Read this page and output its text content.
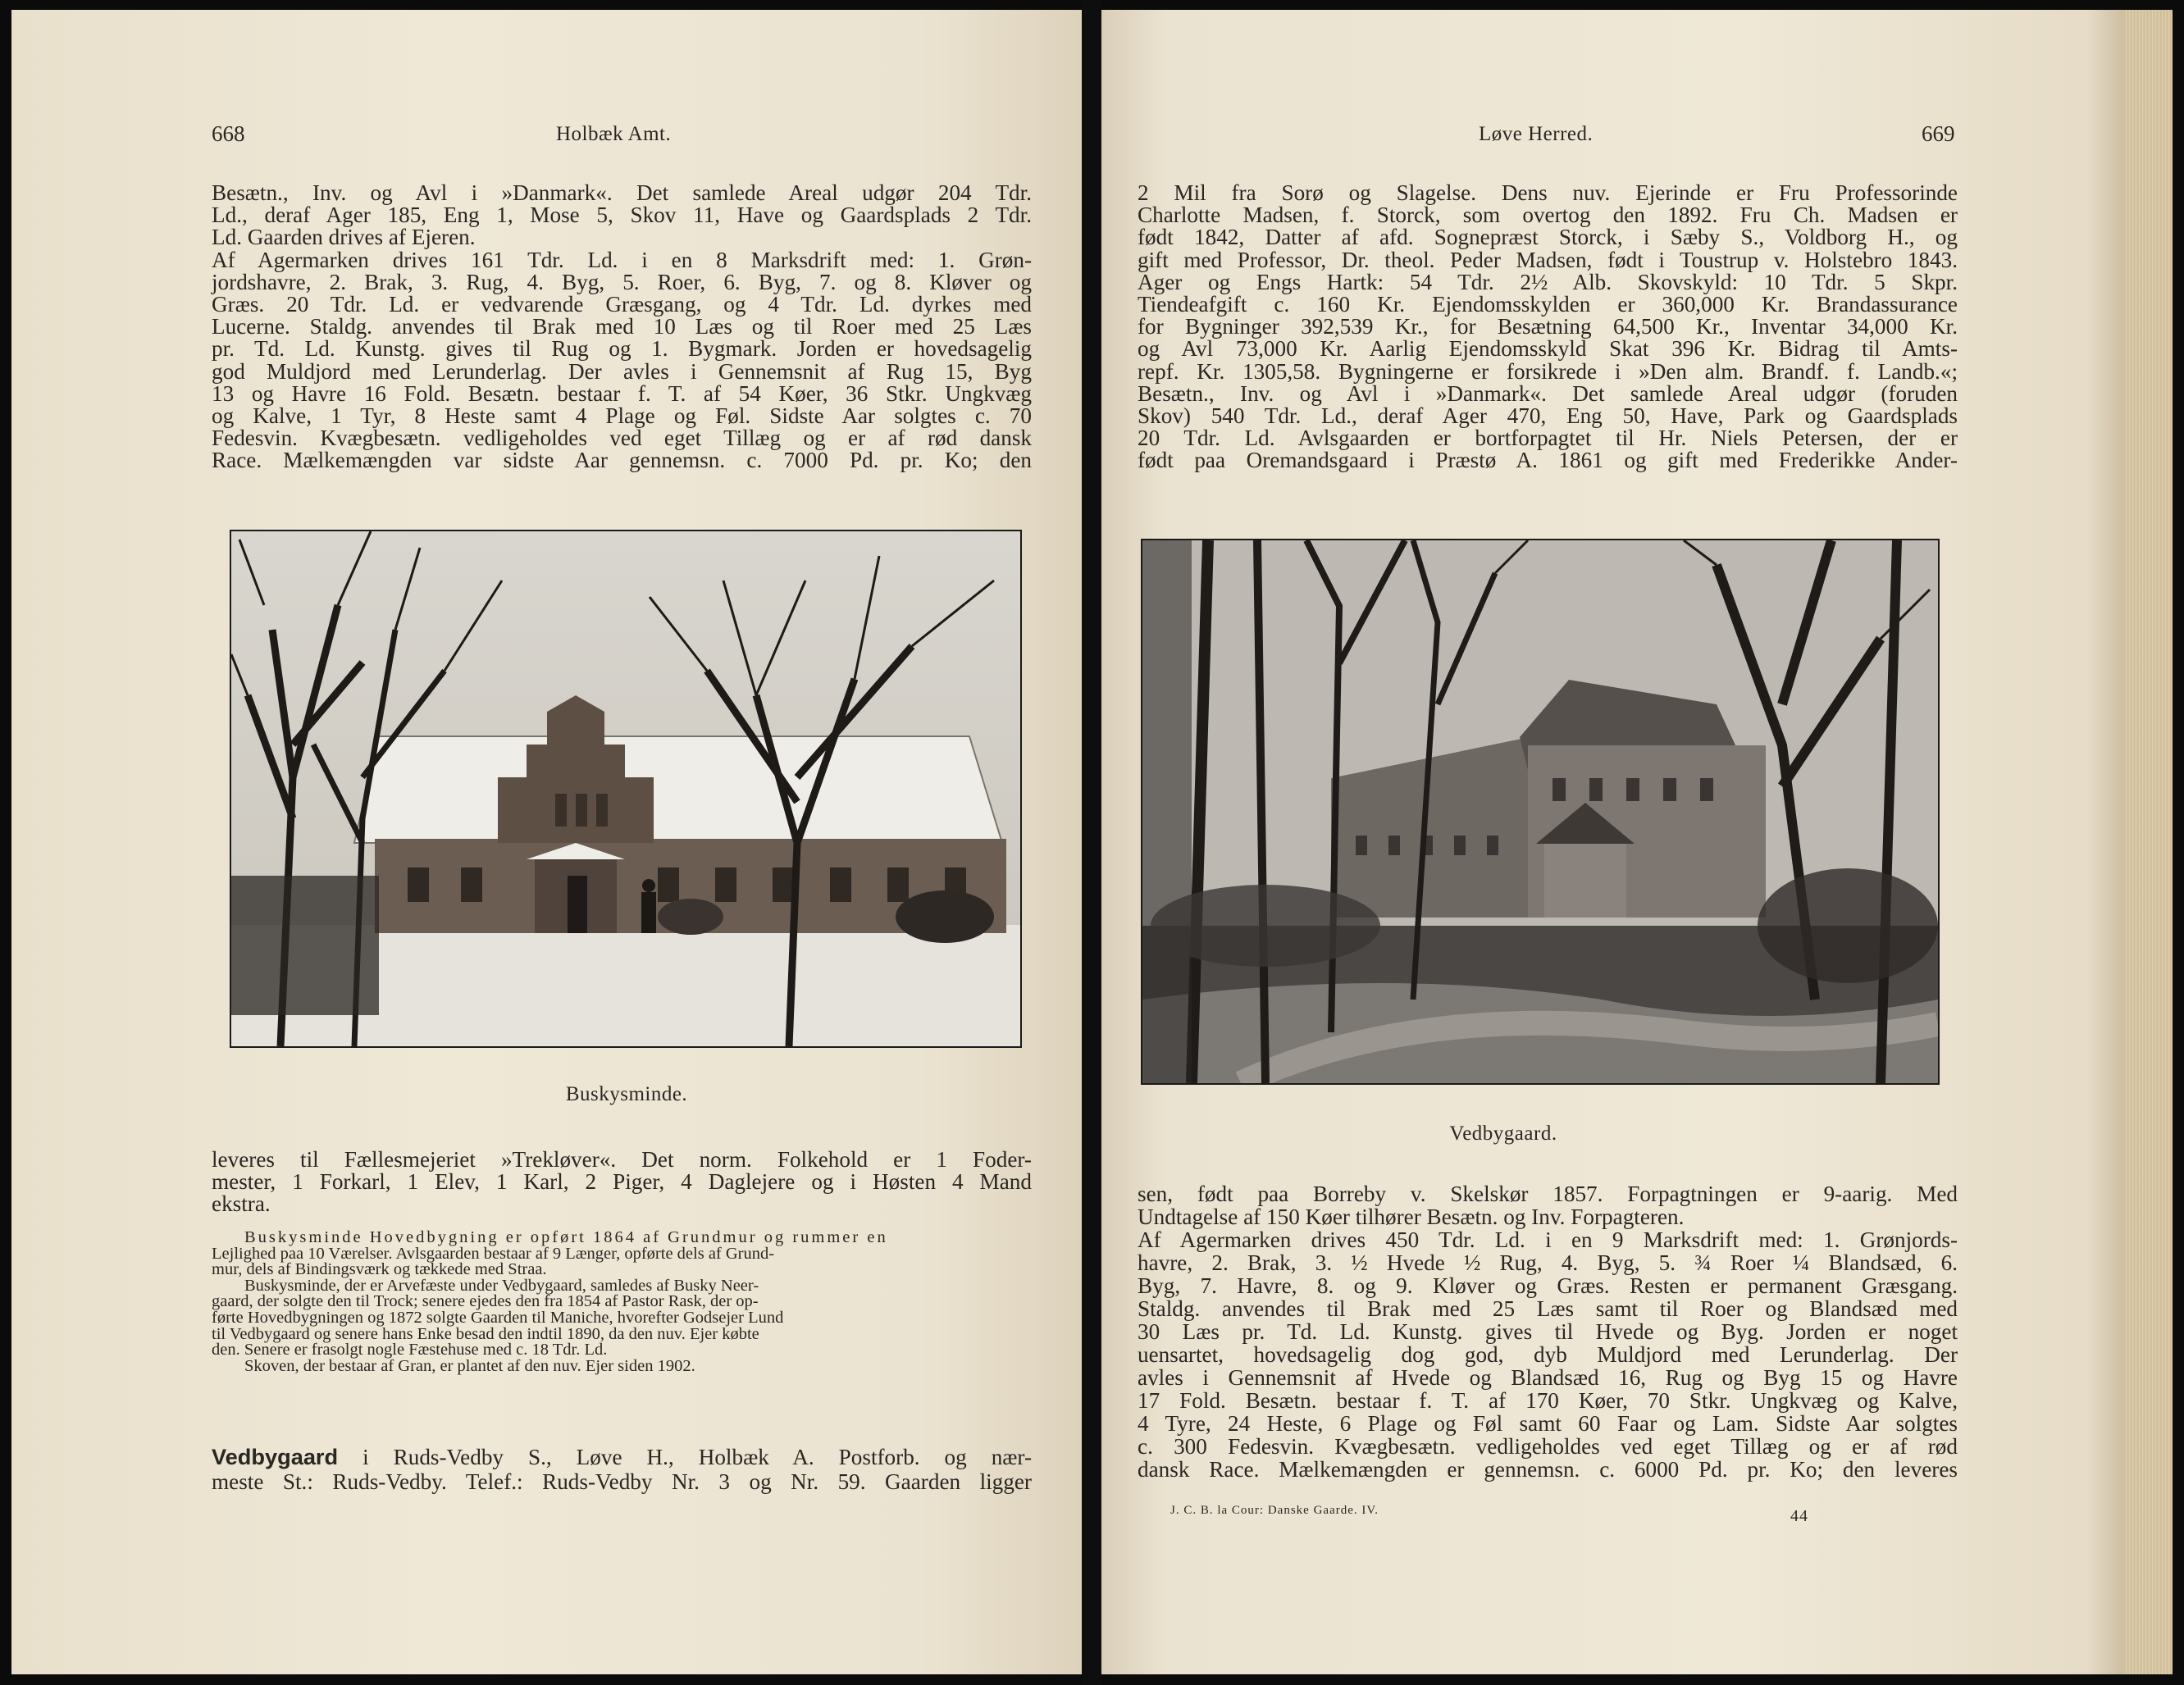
668	Holbæk Amt.

Besætn., Inv. og Avl i »Danmark«. Det samlede Areal udgør 204 Tdr.

Ld., deraf Ager 185, Eng 1, Mose 5, Skov 11, Have og Gaardsplads 2 Tdr.

Ld. Gaarden drives af Ejeren.

Af Agermarken drives 161 Tdr. Ld. i en 8 Marksdrift med: 1. Grøn-

jordshavre, 2. Brak, 3. Rug, 4. Byg, 5. Roer, 6. Byg, 7. og 8. Kløver og

Græs. 20 Tdr. Ld. er vedvarende Græsgang, og 4 Tdr. Ld. dyrkes med

Lucerne. Staldg. anvendes til Brak med 10 Læs og til Roer med 25 Læs

pr. Td. Ld. Kunstg. gives til Rug og 1. Bygmark. Jorden er hovedsagelig

god Muldjord med Lerunderlag. Der avles i Gennemsnit af Rug 15, Byg

13 og Havre 16 Fold. Besætn. bestaar f. T. af 54 Køer, 36 Stkr. Ungkvæg

og Kalve, 1 Tyr, 8 Heste samt 4 Plage og Føl. Sidste Aar solgtes c. 70

Fedesvin. Kvægbesætn. vedligeholdes ved eget Tillæg og er af rød dansk

Race. Mælkemængden var sidste Aar gennemsn. c. 7000 Pd. pr. Ko; den

Buskysminde.

leveres til Fællesmejeriet »Trekløver«. Det norm. Folkehold er 1 Foder-

mester, 1 Forkarl, 1 Elev, 1 Karl, 2 Piger, 4 Daglejere og i Høsten 4 Mand

ekstra.

Buskysminde Hovedbygning er opført 1864 af Grundmur og rummer en

Lejlighed paa 10 Værelser. Avlsgaarden bestaar af 9 Længer, opførte dels af Grund-

mur, dels af Bindingsværk og tækkede med Straa.

Buskysminde, der er Arvefæste under Vedbygaard, samledes af Busky Neer-

gaard, der solgte den til Trock; senere ejedes den fra 1854 af Pastor Rask, der op-

førte Hovedbygningen og 1872 solgte Gaarden til Maniche, hvorefter Godsejer Lund

til Vedbygaard og senere hans Enke besad den indtil 1890, da den nuv. Ejer købte

den. Senere er frasolgt nogle Fæstehuse med c. 18 Tdr. Ld.

Skoven, der bestaar af Gran, er plantet af den nuv. Ejer siden 1902.

Vedbygaard i Ruds-Vedby S., Løve H., Holbæk A. Postforb. og nær-

meste St.: Ruds-Vedby. Telef.: Ruds-Vedby Nr. 3 og Nr. 59. Gaarden ligger

Løve Herred.	669

2 Mil fra Sorø og Slagelse. Dens nuv. Ejerinde er Fru Professorinde

Charlotte Madsen, f. Storck, som overtog den 1892. Fru Ch. Madsen er

født 1842, Datter af afd. Sognepræst Storck, i Sæby S., Voldborg H., og

gift med Professor, Dr. theol. Peder Madsen, født i Toustrup v. Holstebro 1843.

Ager og Engs Hartk: 54 Tdr. 2½ Alb. Skovskyld: 10 Tdr. 5 Skpr.

Tiendeafgift c. 160 Kr. Ejendomsskylden er 360,000 Kr. Brandassurance

for Bygninger 392,539 Kr., for Besætning 64,500 Kr., Inventar 34,000 Kr.

og Avl 73,000 Kr. Aarlig Ejendomsskyld Skat 396 Kr. Bidrag til Amts-

repf. Kr. 1305,58. Bygningerne er forsikrede i »Den alm. Brandf. f. Landb.«;

Besætn., Inv. og Avl i »Danmark«. Det samlede Areal udgør (foruden

Skov) 540 Tdr. Ld., deraf Ager 470, Eng 50, Have, Park og Gaardsplads

20 Tdr. Ld. Avlsgaarden er bortforpagtet til Hr. Niels Petersen, der er

født paa Oremandsgaard i Præstø A. 1861 og gift med Frederikke Ander-

Vedbygaard.

sen, født paa Borreby v. Skelskør 1857. Forpagtningen er 9-aarig. Med

Undtagelse af 150 Køer tilhører Besætn. og Inv. Forpagteren.

Af Agermarken drives 450 Tdr. Ld. i en 9 Marksdrift med: 1. Grønjords-

havre, 2. Brak, 3. ½ Hvede ½ Rug, 4. Byg, 5. ¾ Roer ¼ Blandsæd, 6.

Byg, 7. Havre, 8. og 9. Kløver og Græs. Resten er permanent Græsgang.

Staldg. anvendes til Brak med 25 Læs samt til Roer og Blandsæd med

30 Læs pr. Td. Ld. Kunstg. gives til Hvede og Byg. Jorden er noget

uensartet, hovedsagelig dog god, dyb Muldjord med Lerunderlag. Der

avles i Gennemsnit af Hvede og Blandsæd 16, Rug og Byg 15 og Havre

17 Fold. Besætn. bestaar f. T. af 170 Køer, 70 Stkr. Ungkvæg og Kalve,

4 Tyre, 24 Heste, 6 Plage og Føl samt 60 Faar og Lam. Sidste Aar solgtes

c. 300 Fedesvin. Kvægbesætn. vedligeholdes ved eget Tillæg og er af rød

dansk Race. Mælkemængden er gennemsn. c. 6000 Pd. pr. Ko; den leveres

J. C. B. la Cour: Danske Gaarde. IV.	44
